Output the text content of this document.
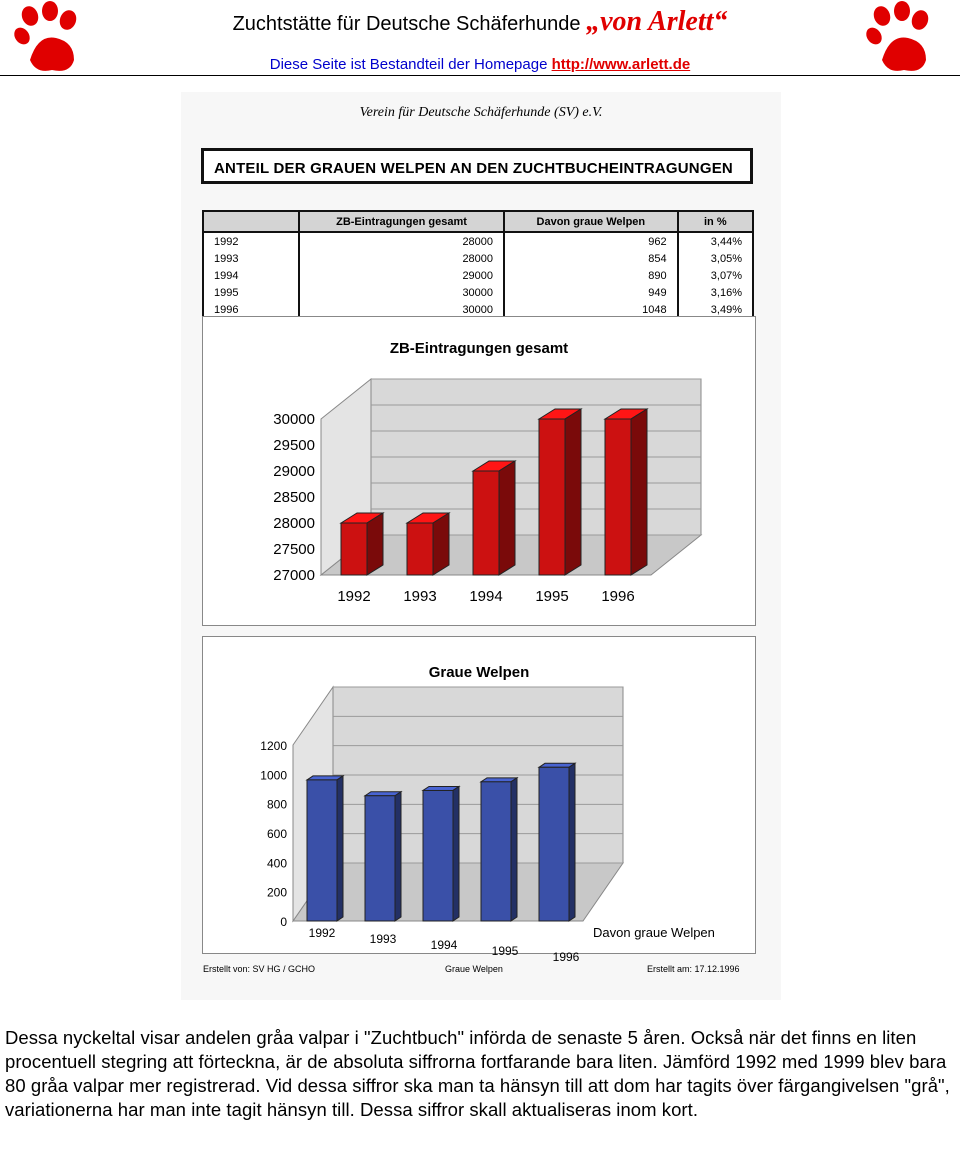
Zuchtstätte für Deutsche Schäferhunde „von Arlett“
Diese Seite ist Bestandteil der Homepage http://www.arlett.de
Verein für Deutsche Schäferhunde (SV) e.V.
ANTEIL DER GRAUEN WELPEN AN DEN ZUCHTBUCHEINTRAGUNGEN
	ZB-Eintragungen gesamt	Davon graue Welpen	in %
1992	28000	962	3,44%
1993	28000	854	3,05%
1994	29000	890	3,07%
1995	30000	949	3,16%
1996	30000	1048	3,49%
ZB-Eintragungen gesamt
27000
27500
28000
28500
29000
29500
30000
1992 1993 1994 1995 1996
Graue Welpen
0
200
400
600
800
1000
1200
1992	1993	1994	1995	1996
Davon graue Welpen
Erstellt von: SV HG / GCHO	Graue Welpen	Erstellt am: 17.12.1996
Dessa nyckeltal visar andelen gråa valpar i "Zuchtbuch" införda de senaste 5 åren. Också när det finns en liten procentuell stegring att förteckna, är de absoluta siffrorna fortfarande bara liten. Jämförd 1992 med 1999 blev bara 80 gråa valpar mer registrerad. Vid dessa siffror ska man ta hänsyn till att dom har tagits över färgangivelsen "grå", variationerna har man inte tagit hänsyn till. Dessa siffror skall aktualiseras inom kort.
